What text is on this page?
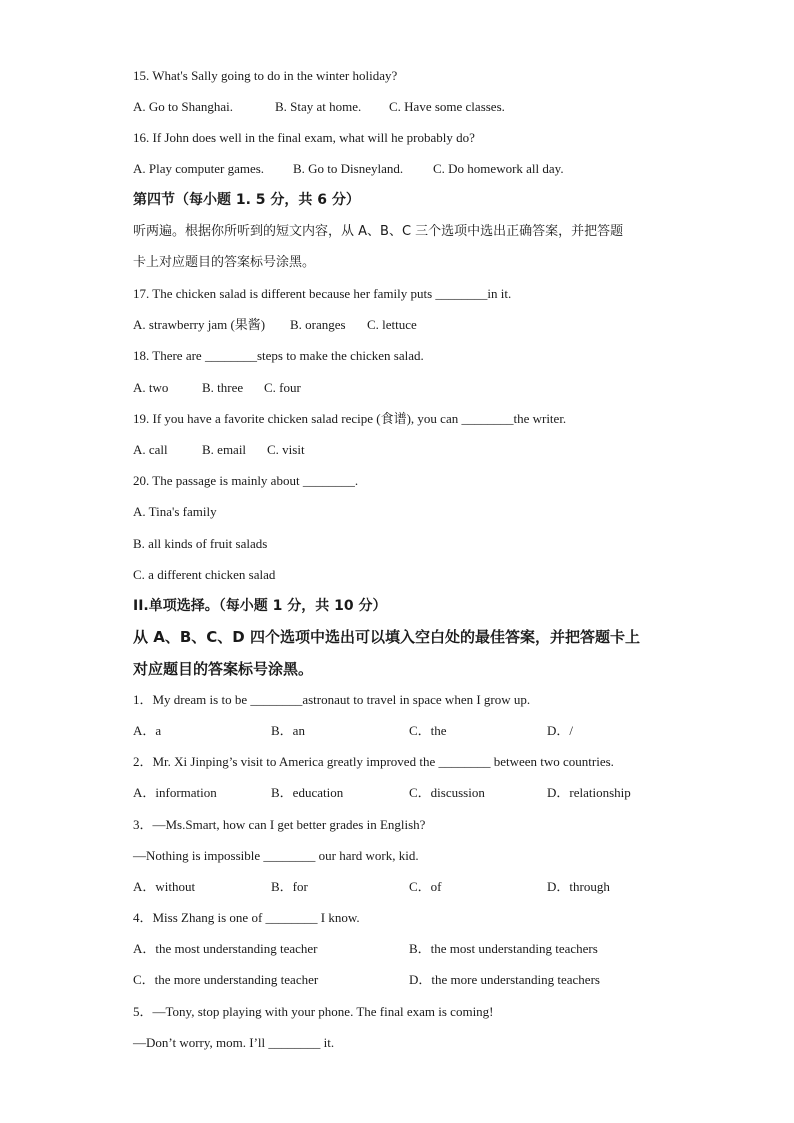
15. What's Sally going to do in the winter holiday?
A. Go to Shanghai.	B. Stay at home. C. Have some classes.
16. If John does well in the final exam, what will he probably do?
A. Play computer games. B. Go to Disneyland. C. Do homework all day.
第四节（每小题 1. 5 分，共 6 分）
听两遍。根据你所听到的短文内容，从 A、B、C 三个选项中选出正确答案，并把答题
卡上对应题目的答案标号涂黑。
17. The chicken salad is different because her family puts ________in it.
A. strawberry jam (果酱) B. oranges C. lettuce
18. There are ________steps to make the chicken salad.
A. two	B. three C. four
19. If you have a favorite chicken salad recipe (食谱), you can ________the writer.
A. call	B. email C. visit
20. The passage is mainly about ________.
A. Tina's family
B. all kinds of fruit salads
C. a different chicken salad
II.单项选择。（每小题 1 分，共 10 分）
从 A、B、C、D 四个选项中选出可以填入空白处的最佳答案，并把答题卡上
对应题目的答案标号涂黑。
1．My dream is to be ________astronaut to travel in space when I grow up.
A．a	B．an	C．the	D．/
2．Mr. Xi Jinping’s visit to America greatly improved the ________ between two countries.
A．information	B．education	C．discussion	D．relationship
3．—Ms.Smart, how can I get better grades in English?
—Nothing is impossible ________ our hard work, kid.
A．without	B．for	C．of	D．through
4．Miss Zhang is one of ________ I know.
A．the most understanding teacher	B．the most understanding teachers
C．the more understanding teacher	D．the more understanding teachers
5．—Tony, stop playing with your phone. The final exam is coming!
—Don’t worry, mom. I’ll ________ it.
